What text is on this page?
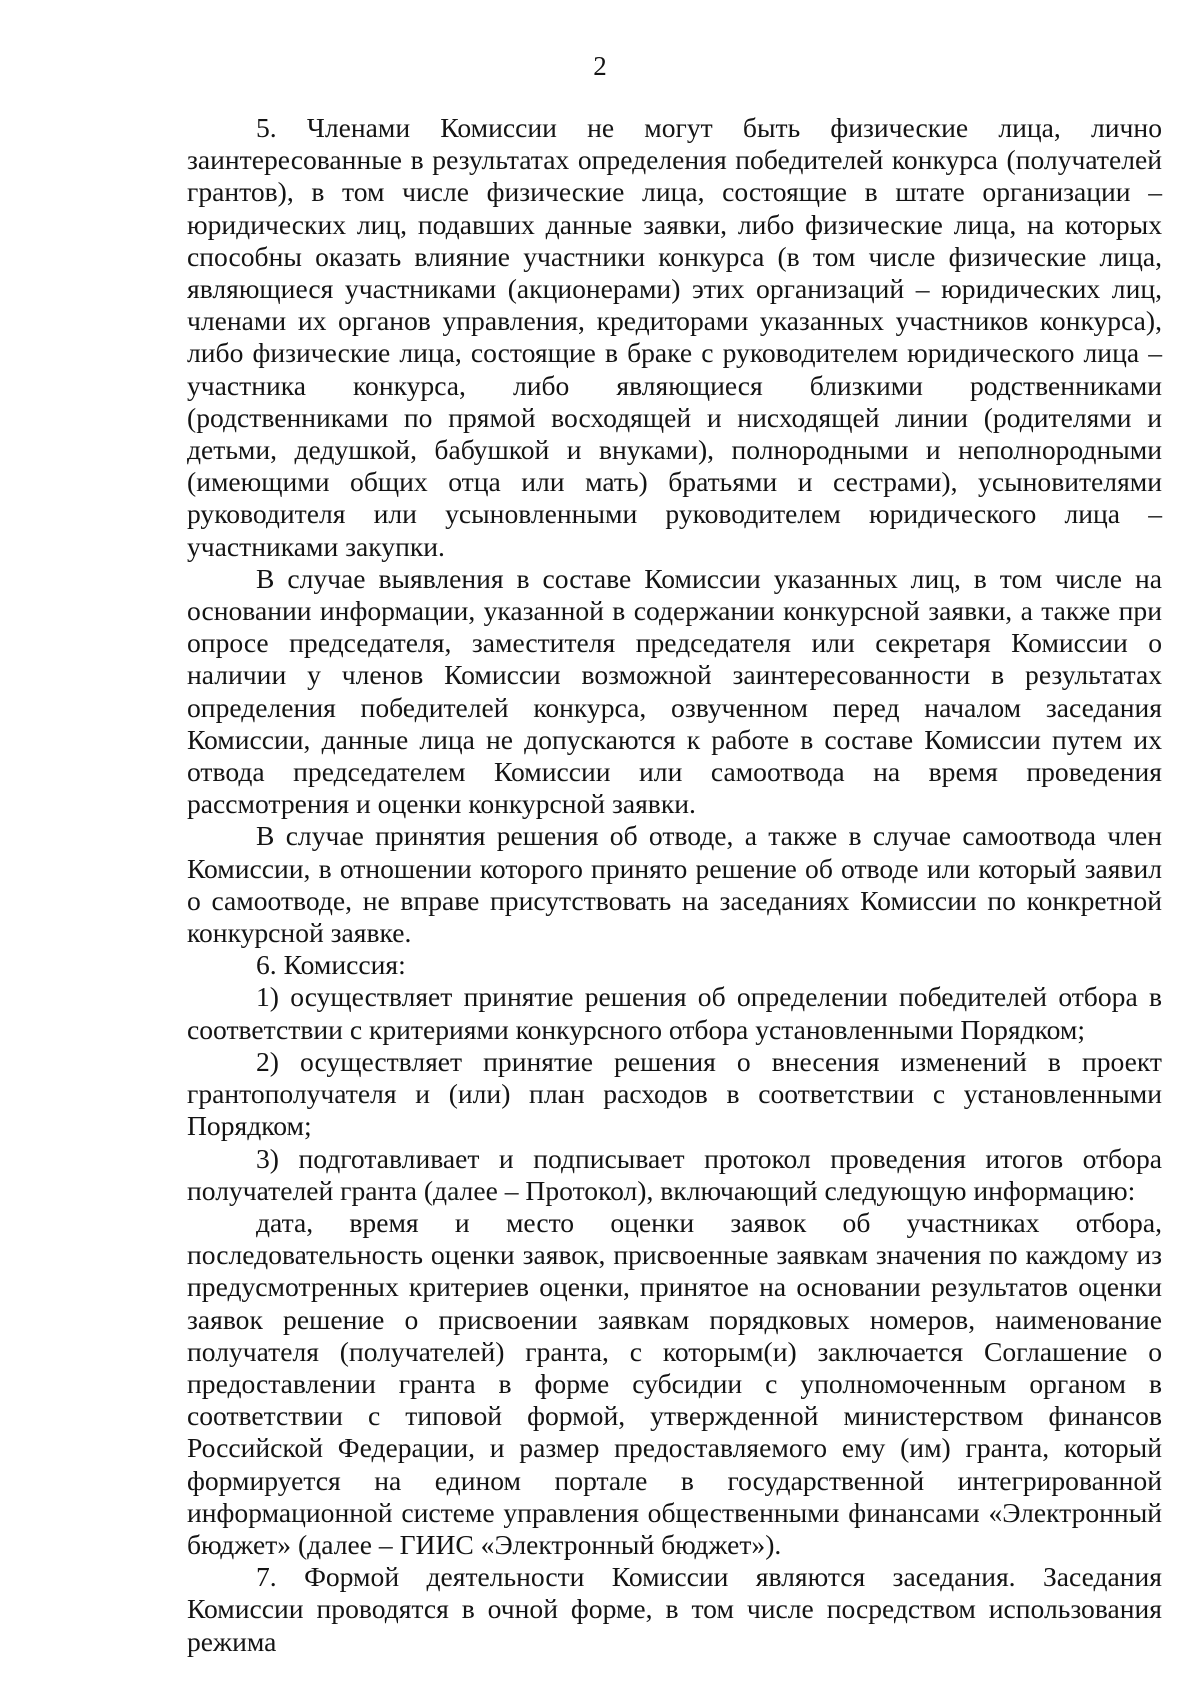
2

5. Членами Комиссии не могут быть физические лица, лично заинтересованные в результатах определения победителей конкурса (получателей грантов), в том числе физические лица, состоящие в штате организации – юридических лиц, подавших данные заявки, либо физические лица, на которых способны оказать влияние участники конкурса (в том числе физические лица, являющиеся участниками (акционерами) этих организаций – юридических лиц, членами их органов управления, кредиторами указанных участников конкурса), либо физические лица, состоящие в браке с руководителем юридического лица – участника конкурса, либо являющиеся близкими родственниками (родственниками по прямой восходящей и нисходящей линии (родителями и детьми, дедушкой, бабушкой и внуками), полнородными и неполнородными (имеющими общих отца или мать) братьями и сестрами), усыновителями руководителя или усыновленными руководителем юридического лица – участниками закупки.

В случае выявления в составе Комиссии указанных лиц, в том числе на основании информации, указанной в содержании конкурсной заявки, а также при опросе председателя, заместителя председателя или секретаря Комиссии о наличии у членов Комиссии возможной заинтересованности в результатах определения победителей конкурса, озвученном перед началом заседания Комиссии, данные лица не допускаются к работе в составе Комиссии путем их отвода председателем Комиссии или самоотвода на время проведения рассмотрения и оценки конкурсной заявки.

В случае принятия решения об отводе, а также в случае самоотвода член Комиссии, в отношении которого принято решение об отводе или который заявил о самоотводе, не вправе присутствовать на заседаниях Комиссии по конкретной конкурсной заявке.

6. Комиссия:

1) осуществляет принятие решения об определении победителей отбора в соответствии с критериями конкурсного отбора установленными Порядком;

2) осуществляет принятие решения о внесения изменений в проект грантополучателя и (или) план расходов в соответствии с установленными Порядком;

3) подготавливает и подписывает протокол проведения итогов отбора получателей гранта (далее – Протокол), включающий следующую информацию:

дата, время и место оценки заявок об участниках отбора, последовательность оценки заявок, присвоенные заявкам значения по каждому из предусмотренных критериев оценки, принятое на основании результатов оценки заявок решение о присвоении заявкам порядковых номеров, наименование получателя (получателей) гранта, с которым(и) заключается Соглашение о предоставлении гранта в форме субсидии с уполномоченным органом в соответствии с типовой формой, утвержденной министерством финансов Российской Федерации, и размер предоставляемого ему (им) гранта, который формируется на едином портале в государственной интегрированной информационной системе управления общественными финансами «Электронный бюджет» (далее – ГИИС «Электронный бюджет»).

7. Формой деятельности Комиссии являются заседания. Заседания Комиссии проводятся в очной форме, в том числе посредством использования режима
